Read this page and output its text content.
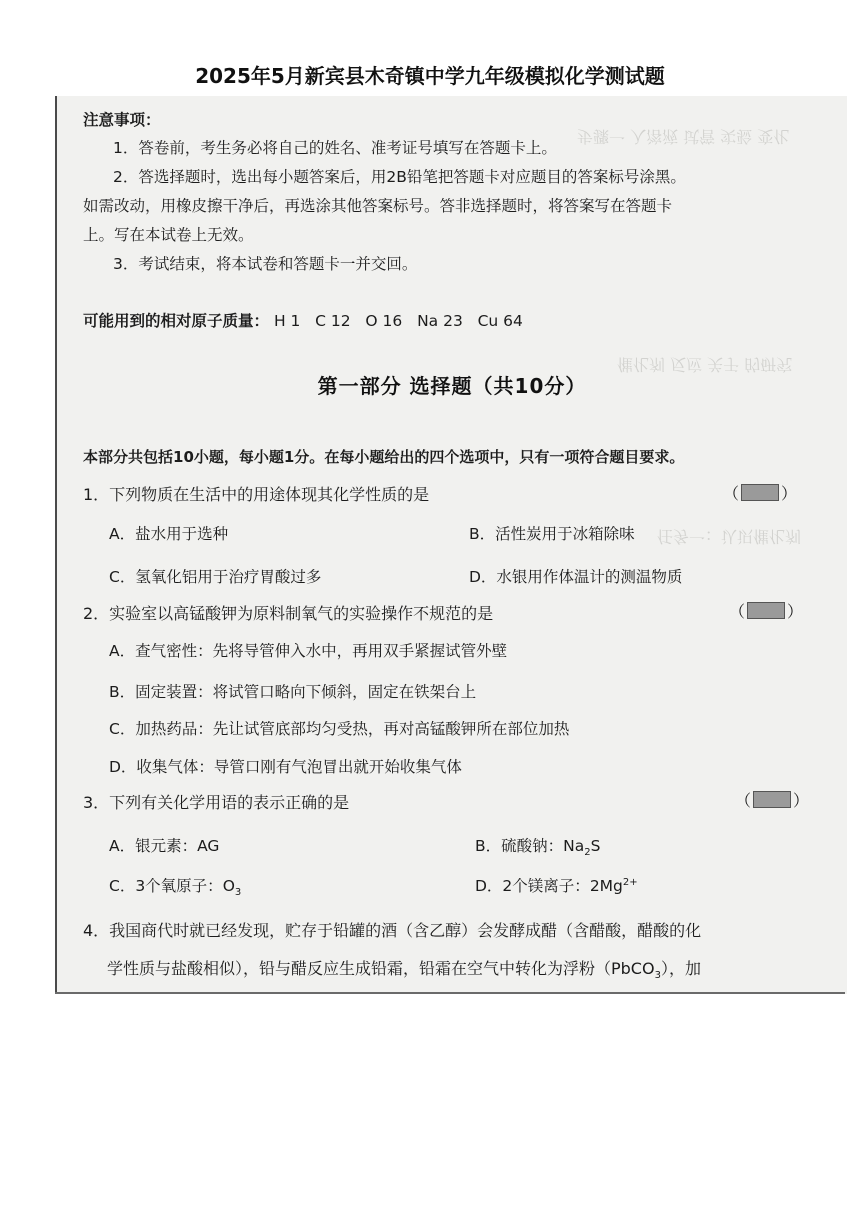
2025年5月新宾县木奇镇中学九年级模拟化学测试题
步骤一 入溶液 试管 实验 变化
催化剂 反应 关于 的研究
任务一：认识催化剂
注意事项：
1．答卷前，考生务必将自己的姓名、准考证号填写在答题卡上。
2．答选择题时，选出每小题答案后，用2B铅笔把答题卡对应题目的答案标号涂黑。
如需改动，用橡皮擦干净后，再选涂其他答案标号。答非选择题时，将答案写在答题卡
上。写在本试卷上无效。
3．考试结束，将本试卷和答题卡一并交回。
可能用到的相对原子质量： H 1   C 12   O 16   Na 23   Cu 64
第一部分 选择题（共10分）
本部分共包括10小题，每小题1分。在每小题给出的四个选项中，只有一项符合题目要求。
1．下列物质在生活中的用途体现其化学性质的是	（	）
A．盐水用于选种	B．活性炭用于冰箱除味
C．氢氧化铝用于治疗胃酸过多	D．水银用作体温计的测温物质
2．实验室以高锰酸钾为原料制氧气的实验操作不规范的是	（	）
A．查气密性：先将导管伸入水中，再用双手紧握试管外壁
B．固定装置：将试管口略向下倾斜，固定在铁架台上
C．加热药品：先让试管底部均匀受热，再对高锰酸钾所在部位加热
D．收集气体：导管口刚有气泡冒出就开始收集气体
3．下列有关化学用语的表示正确的是	（	）
A．银元素：AG	B．硫酸钠：$Na_2S$
C．3个氧原子：$O_3$	D．2个镁离子：$2Mg^{2+}$
4．我国商代时就已经发现，贮存于铅罐的酒（含乙醇）会发酵成醋（含醋酸，醋酸的化
学性质与盐酸相似），铅与醋反应生成铅霜，铅霜在空气中转化为浮粉（PbCO$_3$），加
